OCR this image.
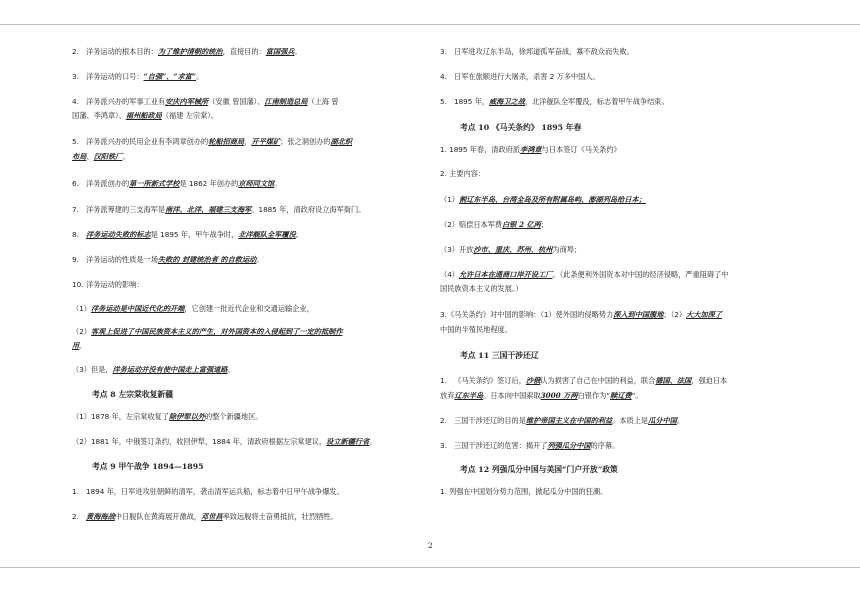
2. 洋务运动的根本目的：为了维护清朝的统治，直接目的：富国强兵。
3. 洋务运动的口号：“自强”、“求富”。
4. 洋务派兴办的军事工业有安庆内军械所（安徽 曾国藩）、江南制造总局（上海 曾
国藩、李鸿章）、福州船政局（福建 左宗棠）。
5. 洋务派兴办的民用企业有李鸿章创办的轮船招商局，开平煤矿；张之洞创办的湖北织
布局、汉阳铁厂。
6. 洋务派创办的第一所新式学校是 1862 年创办的京师同文馆。
7. 洋务派筹建的三支海军是南洋、北洋、福建三支海军。1885 年，清政府设立海军衙门。
8. 洋务运动失败的标志是 1895 年，甲午战争时，北洋舰队全军覆没。
9. 洋务运动的性质是一场失败的 封建统治者 的自救运动。
10. 洋务运动的影响：
（1）洋务运动是中国近代化的开端，它创建一批近代企业和交通运输企业，
（2）客观上促进了中国民族资本主义的产生，对外国资本的入侵起到了一定的抵制作
用。
（3）但是，洋务运动并没有使中国走上富强道路。
考点 8 左宗棠收复新疆
（1）1878 年，左宗棠收复了除伊犁以外的整个新疆地区。
（2）1881 年，中俄签订条约，收回伊犁，1884 年，清政府根据左宗棠建议，设立新疆行省。
考点 9 甲午战争 1894—1895
1. 1894 年，日军进攻驻朝鲜的清军，袭击清军运兵船，标志着中日甲午战争爆发。
2. 黄海海战中日舰队在黄海展开激战，邓世昌率致远舰将士奋勇抵抗，壮烈牺牲。
3. 日军进攻辽东半岛，徐邦道孤军奋战，寡不敌众而失败。
4. 日军在旅顺进行大屠杀，杀害 2 万多中国人。
5. 1895 年，威海卫之战，北洋舰队全军覆没，标志着甲午战争结束。
考点 10 《马关条约》 1895 年春
1. 1895 年春，清政府派李鸿章与日本签订《马关条约》
2. 主要内容：
（1）割辽东半岛、台湾全岛及所有附属岛屿、澎湖列岛给日本；
（2）赔偿日本军费白银 2 亿两；
（3）开放沙市、重庆、苏州、杭州为商埠；
（4）允许日本在通商口岸开设工厂。（此条便利外国资本对中国的经济侵略，严重阻碍了中
国民族资本主义的发展。）
3.《马关条约》对中国的影响：（1）使外国的侵略势力深入到中国腹地；（2）大大加深了
中国的半殖民地程度。
考点 11 三国干涉还辽
1. 《马关条约》签订后，沙俄认为损害了自己在中国的利益，联合德国、法国，强迫日本
放弃辽东半岛。日本向中国索取3000 万两白银作为“赎辽费”。
2. 三国干涉还辽的目的是维护帝国主义在中国的利益。本质上是瓜分中国。
3. 三国干涉还辽的危害：揭开了列强瓜分中国的序幕。
考点 12 列强瓜分中国与美国“门户开放”政策
1. 列强在中国划分势力范围，掀起瓜分中国的狂潮。
2
